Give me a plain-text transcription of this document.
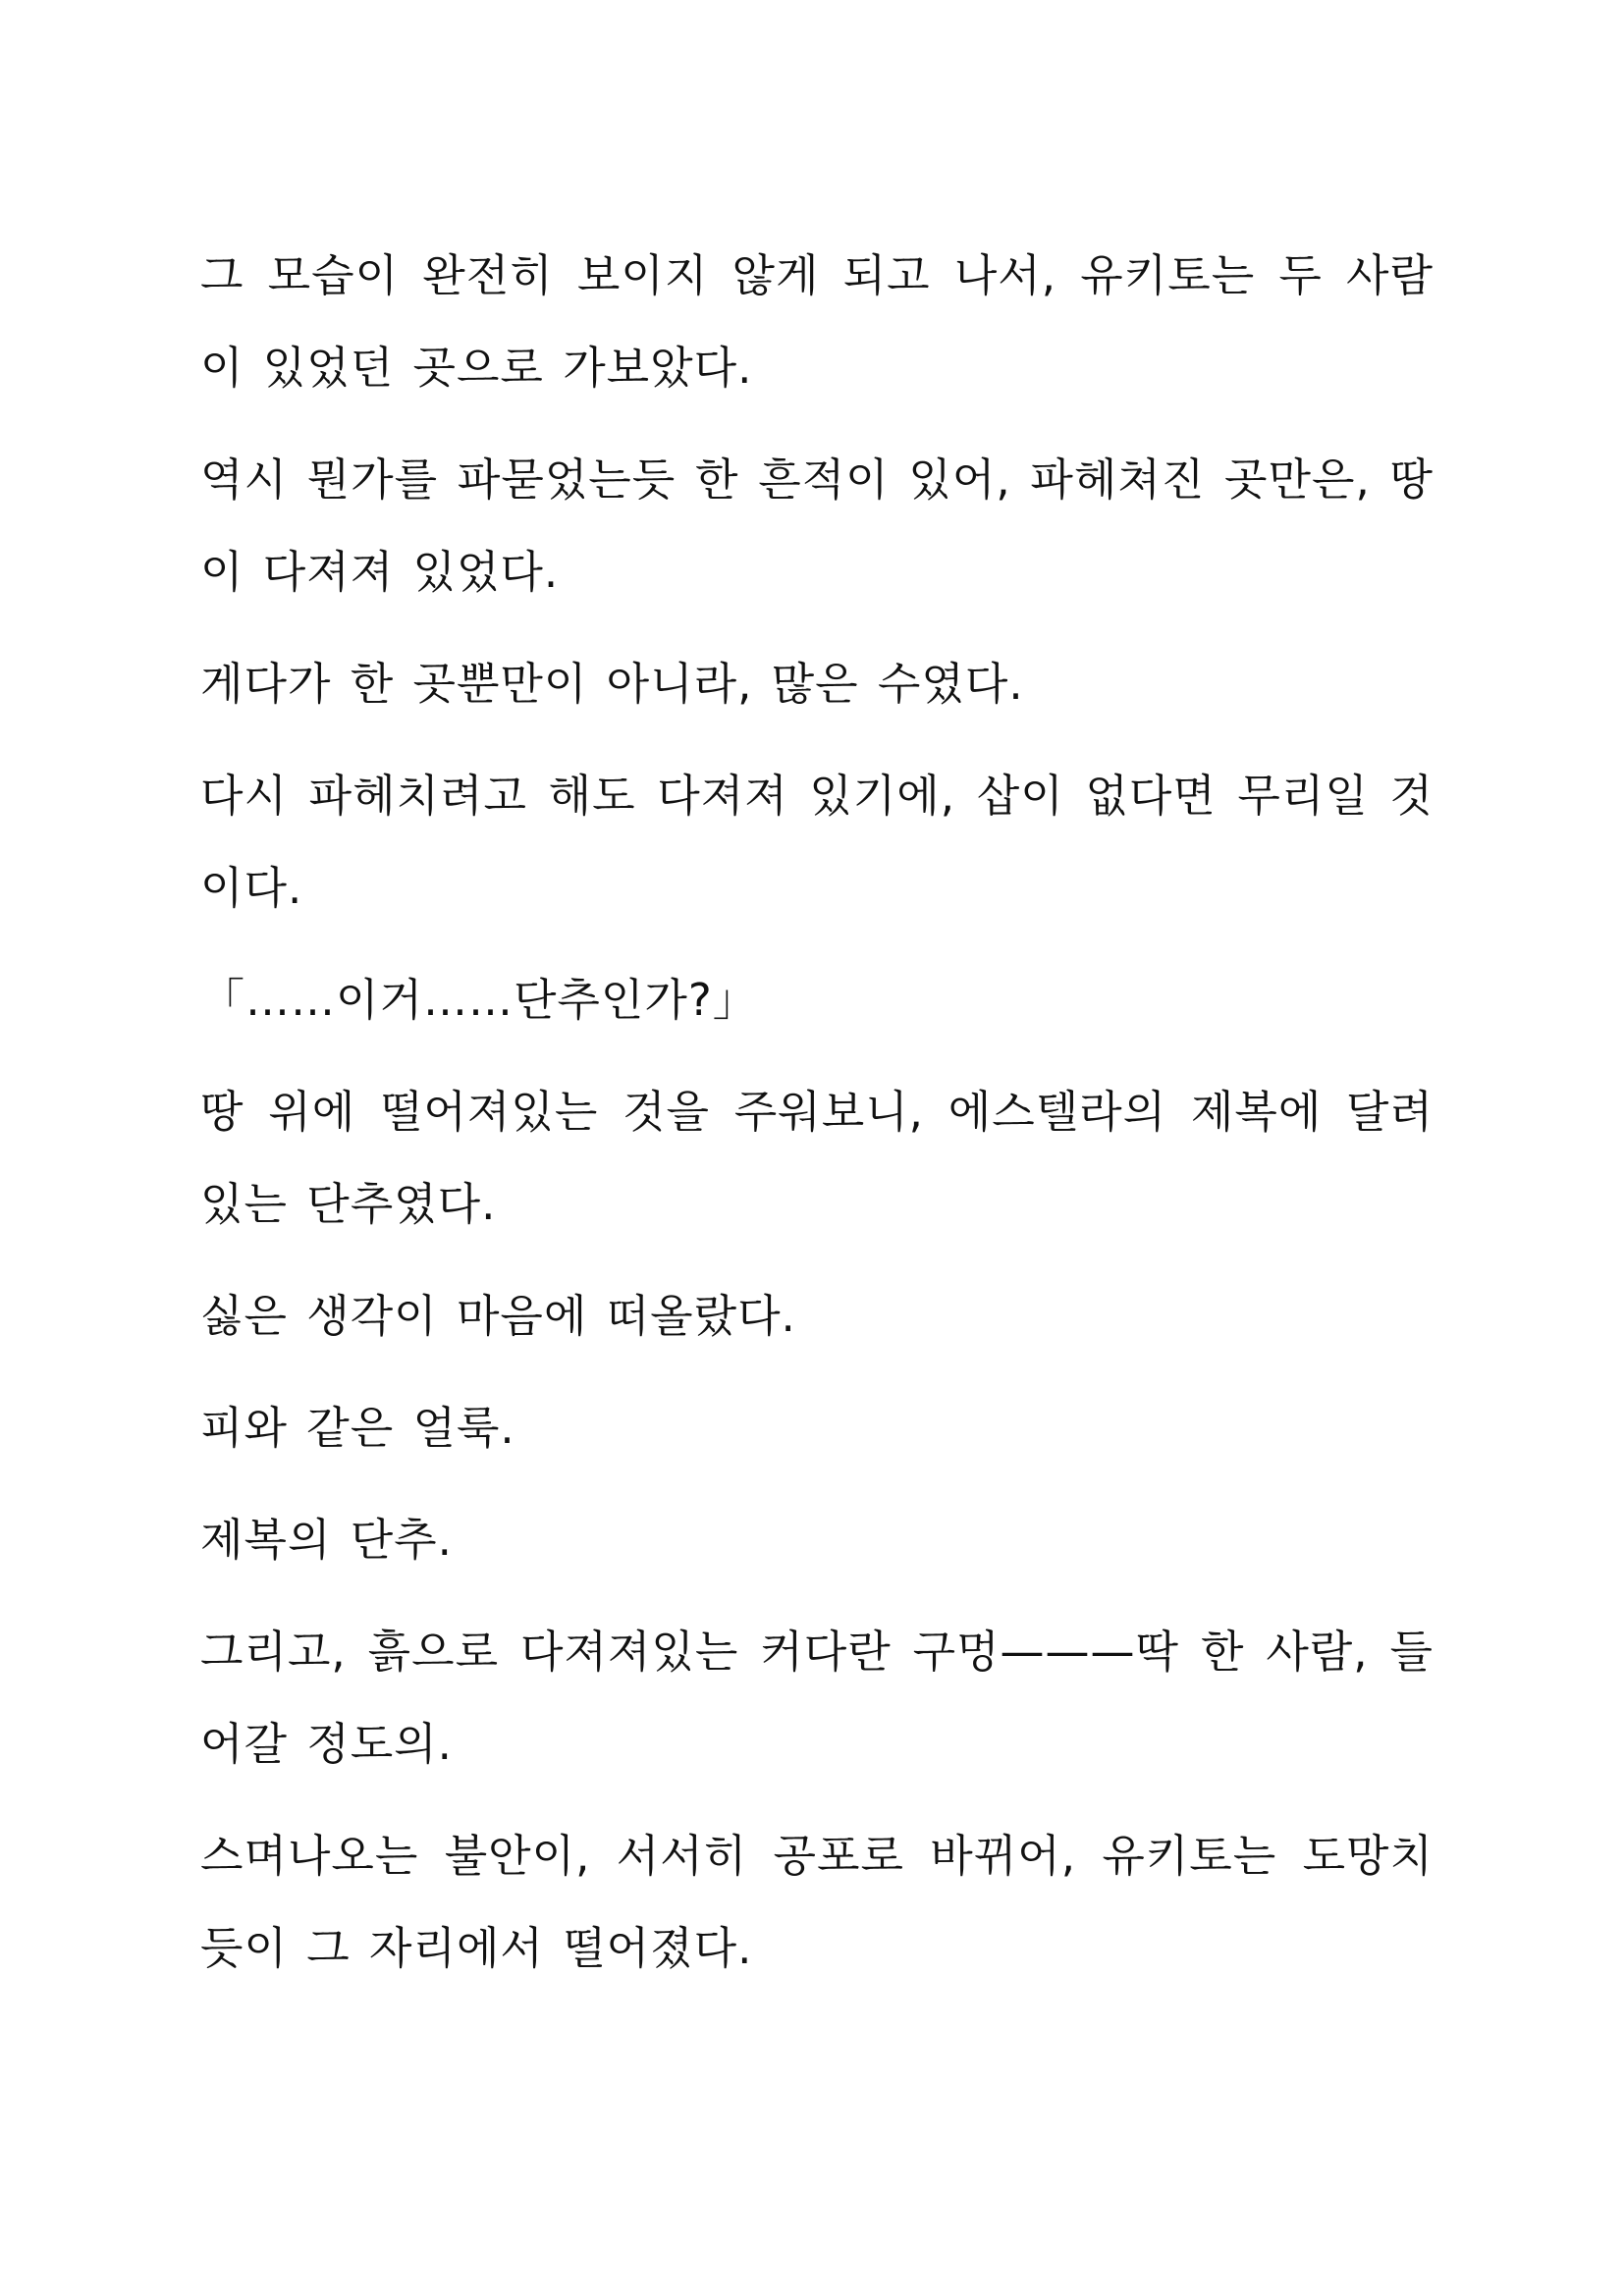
그 모습이 완전히 보이지 않게 되고 나서, 유키토는 두 사람이 있었던 곳으로 가보았다.

역시 뭔가를 파묻었는듯 한 흔적이 있어, 파헤쳐진 곳만은, 땅이 다져져 있었다.

게다가 한 곳뿐만이 아니라, 많은 수였다.

다시 파헤치려고 해도 다져져 있기에, 삽이 없다면 무리일 것이다.

「……이거……단추인가?」

땅 위에 떨어져있는 것을 주워보니, 에스텔라의 제복에 달려있는 단추였다.

싫은 생각이 마음에 떠올랐다.

피와 같은 얼룩.

제복의 단추.

그리고, 흙으로 다져져있는 커다란 구멍———딱 한 사람, 들어갈 정도의.

스며나오는 불안이, 서서히 공포로 바뀌어, 유키토는 도망치듯이 그 자리에서 떨어졌다.
